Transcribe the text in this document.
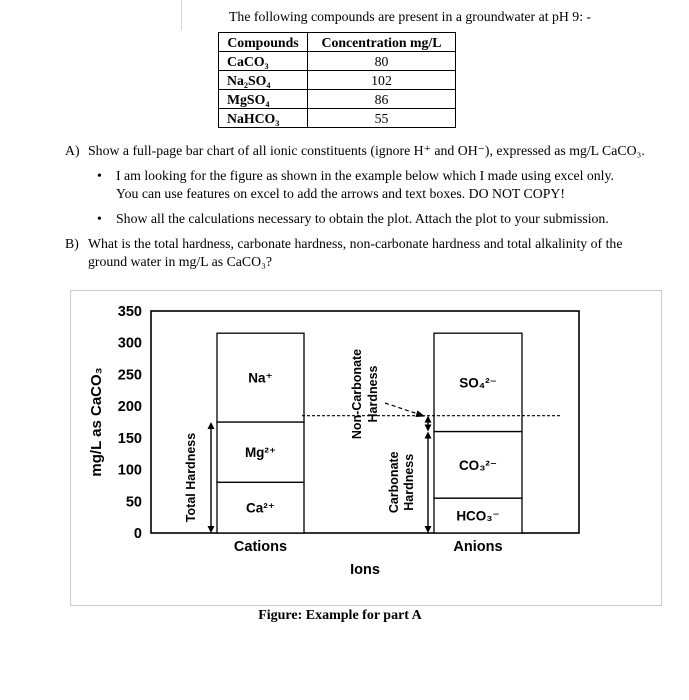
The following compounds are present in a groundwater at pH 9: -

Compounds	Concentration mg/L
CaCO₃	80
Na₂SO₄	102
MgSO₄	86
NaHCO₃	55
A) Show a full-page bar chart of all ionic constituents (ignore H⁺ and OH⁻), expressed as mg/L CaCO₃.
•	I am looking for the figure as shown in the example below which I made using excel only. You can use features on excel to add the arrows and text boxes. DO NOT COPY!
•	Show all the calculations necessary to obtain the plot. Attach the plot to your submission.
B) What is the total hardness, carbonate hardness, non-carbonate hardness and total alkalinity of the ground water in mg/L as CaCO₃?
0
50
100
150
200
250
300
350
mg/L as CaCO₃
Ca²⁺
Mg²⁺
Na⁺
Cations
HCO₃⁻
CO₃²⁻
SO₄²⁻
Anions
Ions
Total Hardness
Non-Carbonate Hardness
Carbonate Hardness

Figure: Example for part A
